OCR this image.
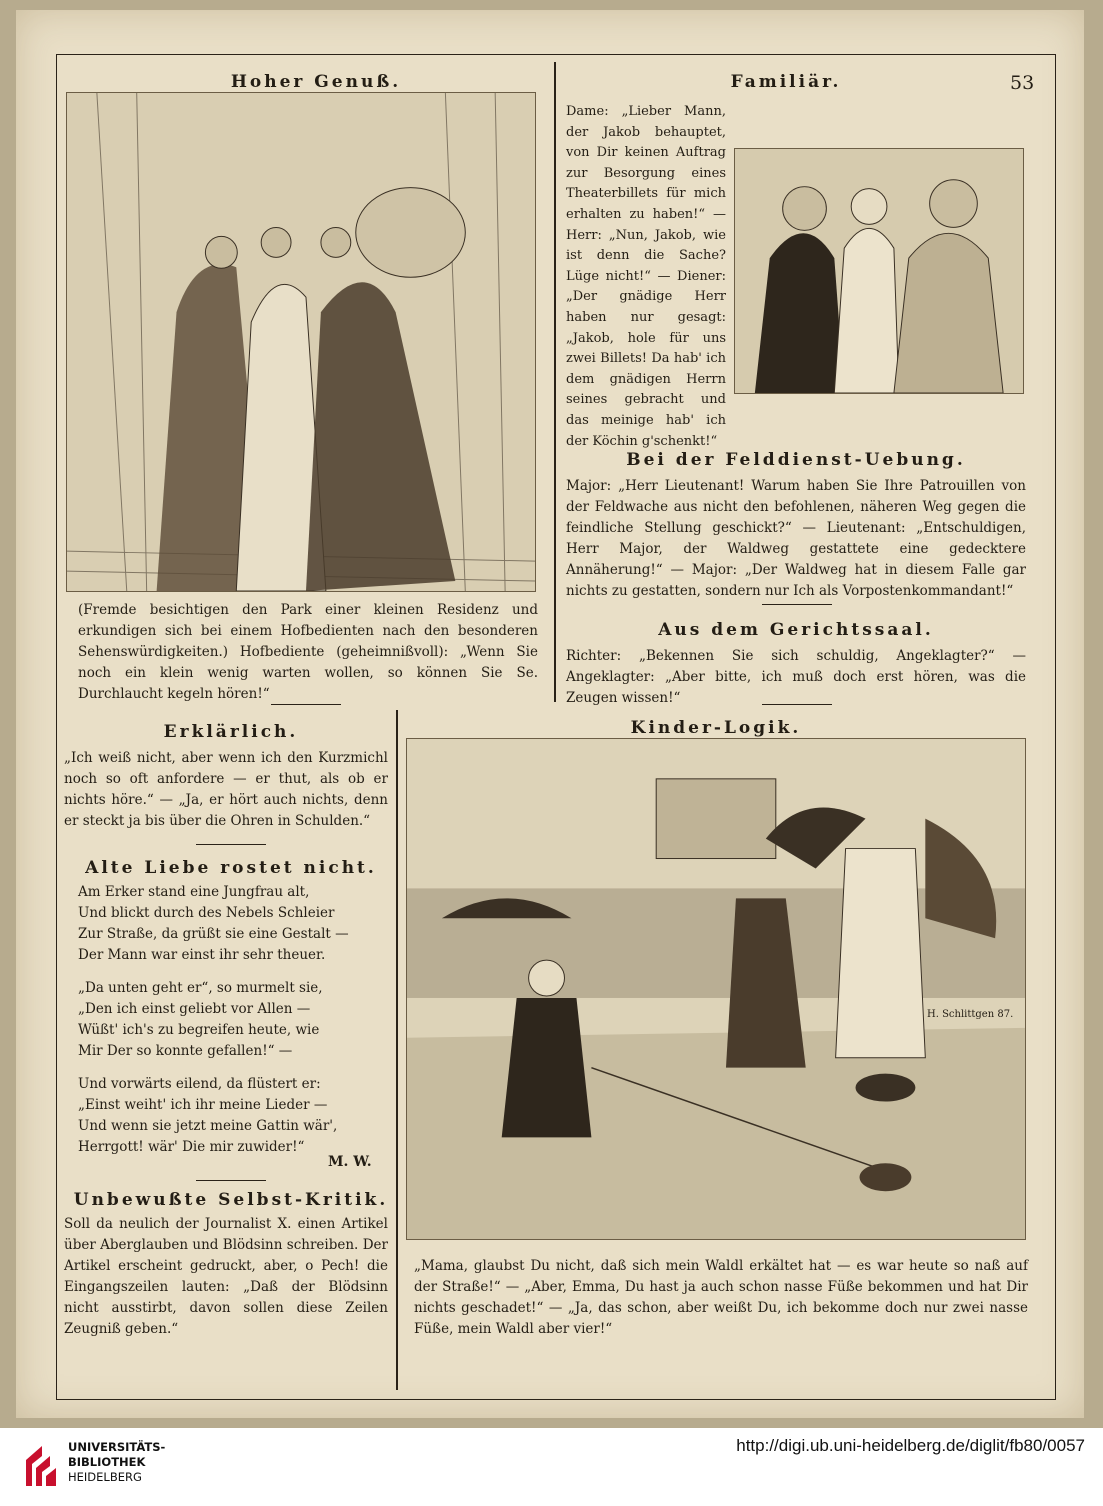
53
Hoher Genuß.
(Fremde besichtigen den Park einer kleinen Residenz und erkundigen sich bei einem Hofbedienten nach den besonderen Sehenswürdigkeiten.) Hofbediente (geheimnißvoll): „Wenn Sie noch ein klein wenig warten wollen, so können Sie Se. Durchlaucht kegeln hören!“
Familiär.
Dame: „Lieber Mann, der Jakob behauptet, von Dir keinen Auftrag zur Besorgung eines Theaterbillets für mich erhalten zu haben!“ — Herr: „Nun, Jakob, wie ist denn die Sache? Lüge nicht!“ — Diener: „Der gnädige Herr haben nur gesagt: „Jakob, hole für uns zwei Billets! Da hab' ich dem gnädigen Herrn seines gebracht und das meinige hab' ich der Köchin g'schenkt!“
Bei der Felddienst-Uebung.
Major: „Herr Lieutenant! Warum haben Sie Ihre Patrouillen von der Feldwache aus nicht den befohlenen, näheren Weg gegen die feindliche Stellung geschickt?“ — Lieutenant: „Entschuldigen, Herr Major, der Waldweg gestattete eine gedecktere Annäherung!“ — Major: „Der Waldweg hat in diesem Falle gar nichts zu gestatten, sondern nur Ich als Vorpostenkommandant!“
Aus dem Gerichtssaal.
Richter: „Bekennen Sie sich schuldig, Angeklagter?“ — Angeklagter: „Aber bitte, ich muß doch erst hören, was die Zeugen wissen!“
Kinder-Logik.
H. Schlittgen 87.
„Mama, glaubst Du nicht, daß sich mein Waldl erkältet hat — es war heute so naß auf der Straße!“ — „Aber, Emma, Du hast ja auch schon nasse Füße bekommen und hat Dir nichts geschadet!“ — „Ja, das schon, aber weißt Du, ich bekomme doch nur zwei nasse Füße, mein Waldl aber vier!“
Erklärlich.
„Ich weiß nicht, aber wenn ich den Kurzmichl noch so oft anfordere — er thut, als ob er nichts höre.“ — „Ja, er hört auch nichts, denn er steckt ja bis über die Ohren in Schulden.“
Alte Liebe rostet nicht.
Am Erker stand eine Jungfrau alt,
Und blickt durch des Nebels Schleier
Zur Straße, da grüßt sie eine Gestalt —
Der Mann war einst ihr sehr theuer.
„Da unten geht er“, so murmelt sie,
„Den ich einst geliebt vor Allen —
Wüßt' ich's zu begreifen heute, wie
Mir Der so konnte gefallen!“ —
Und vorwärts eilend, da flüstert er:
„Einst weiht' ich ihr meine Lieder —
Und wenn sie jetzt meine Gattin wär',
Herrgott! wär' Die mir zuwider!“
M. W.
Unbewußte Selbst-Kritik.
Soll da neulich der Journalist X. einen Artikel über Aberglauben und Blödsinn schreiben. Der Artikel erscheint gedruckt, aber, o Pech! die Eingangszeilen lauten: „Daß der Blödsinn nicht ausstirbt, davon sollen diese Zeilen Zeugniß geben.“
UNIVERSITÄTS-
BIBLIOTHEK
HEIDELBERG
http://digi.ub.uni-heidelberg.de/diglit/fb80/0057
